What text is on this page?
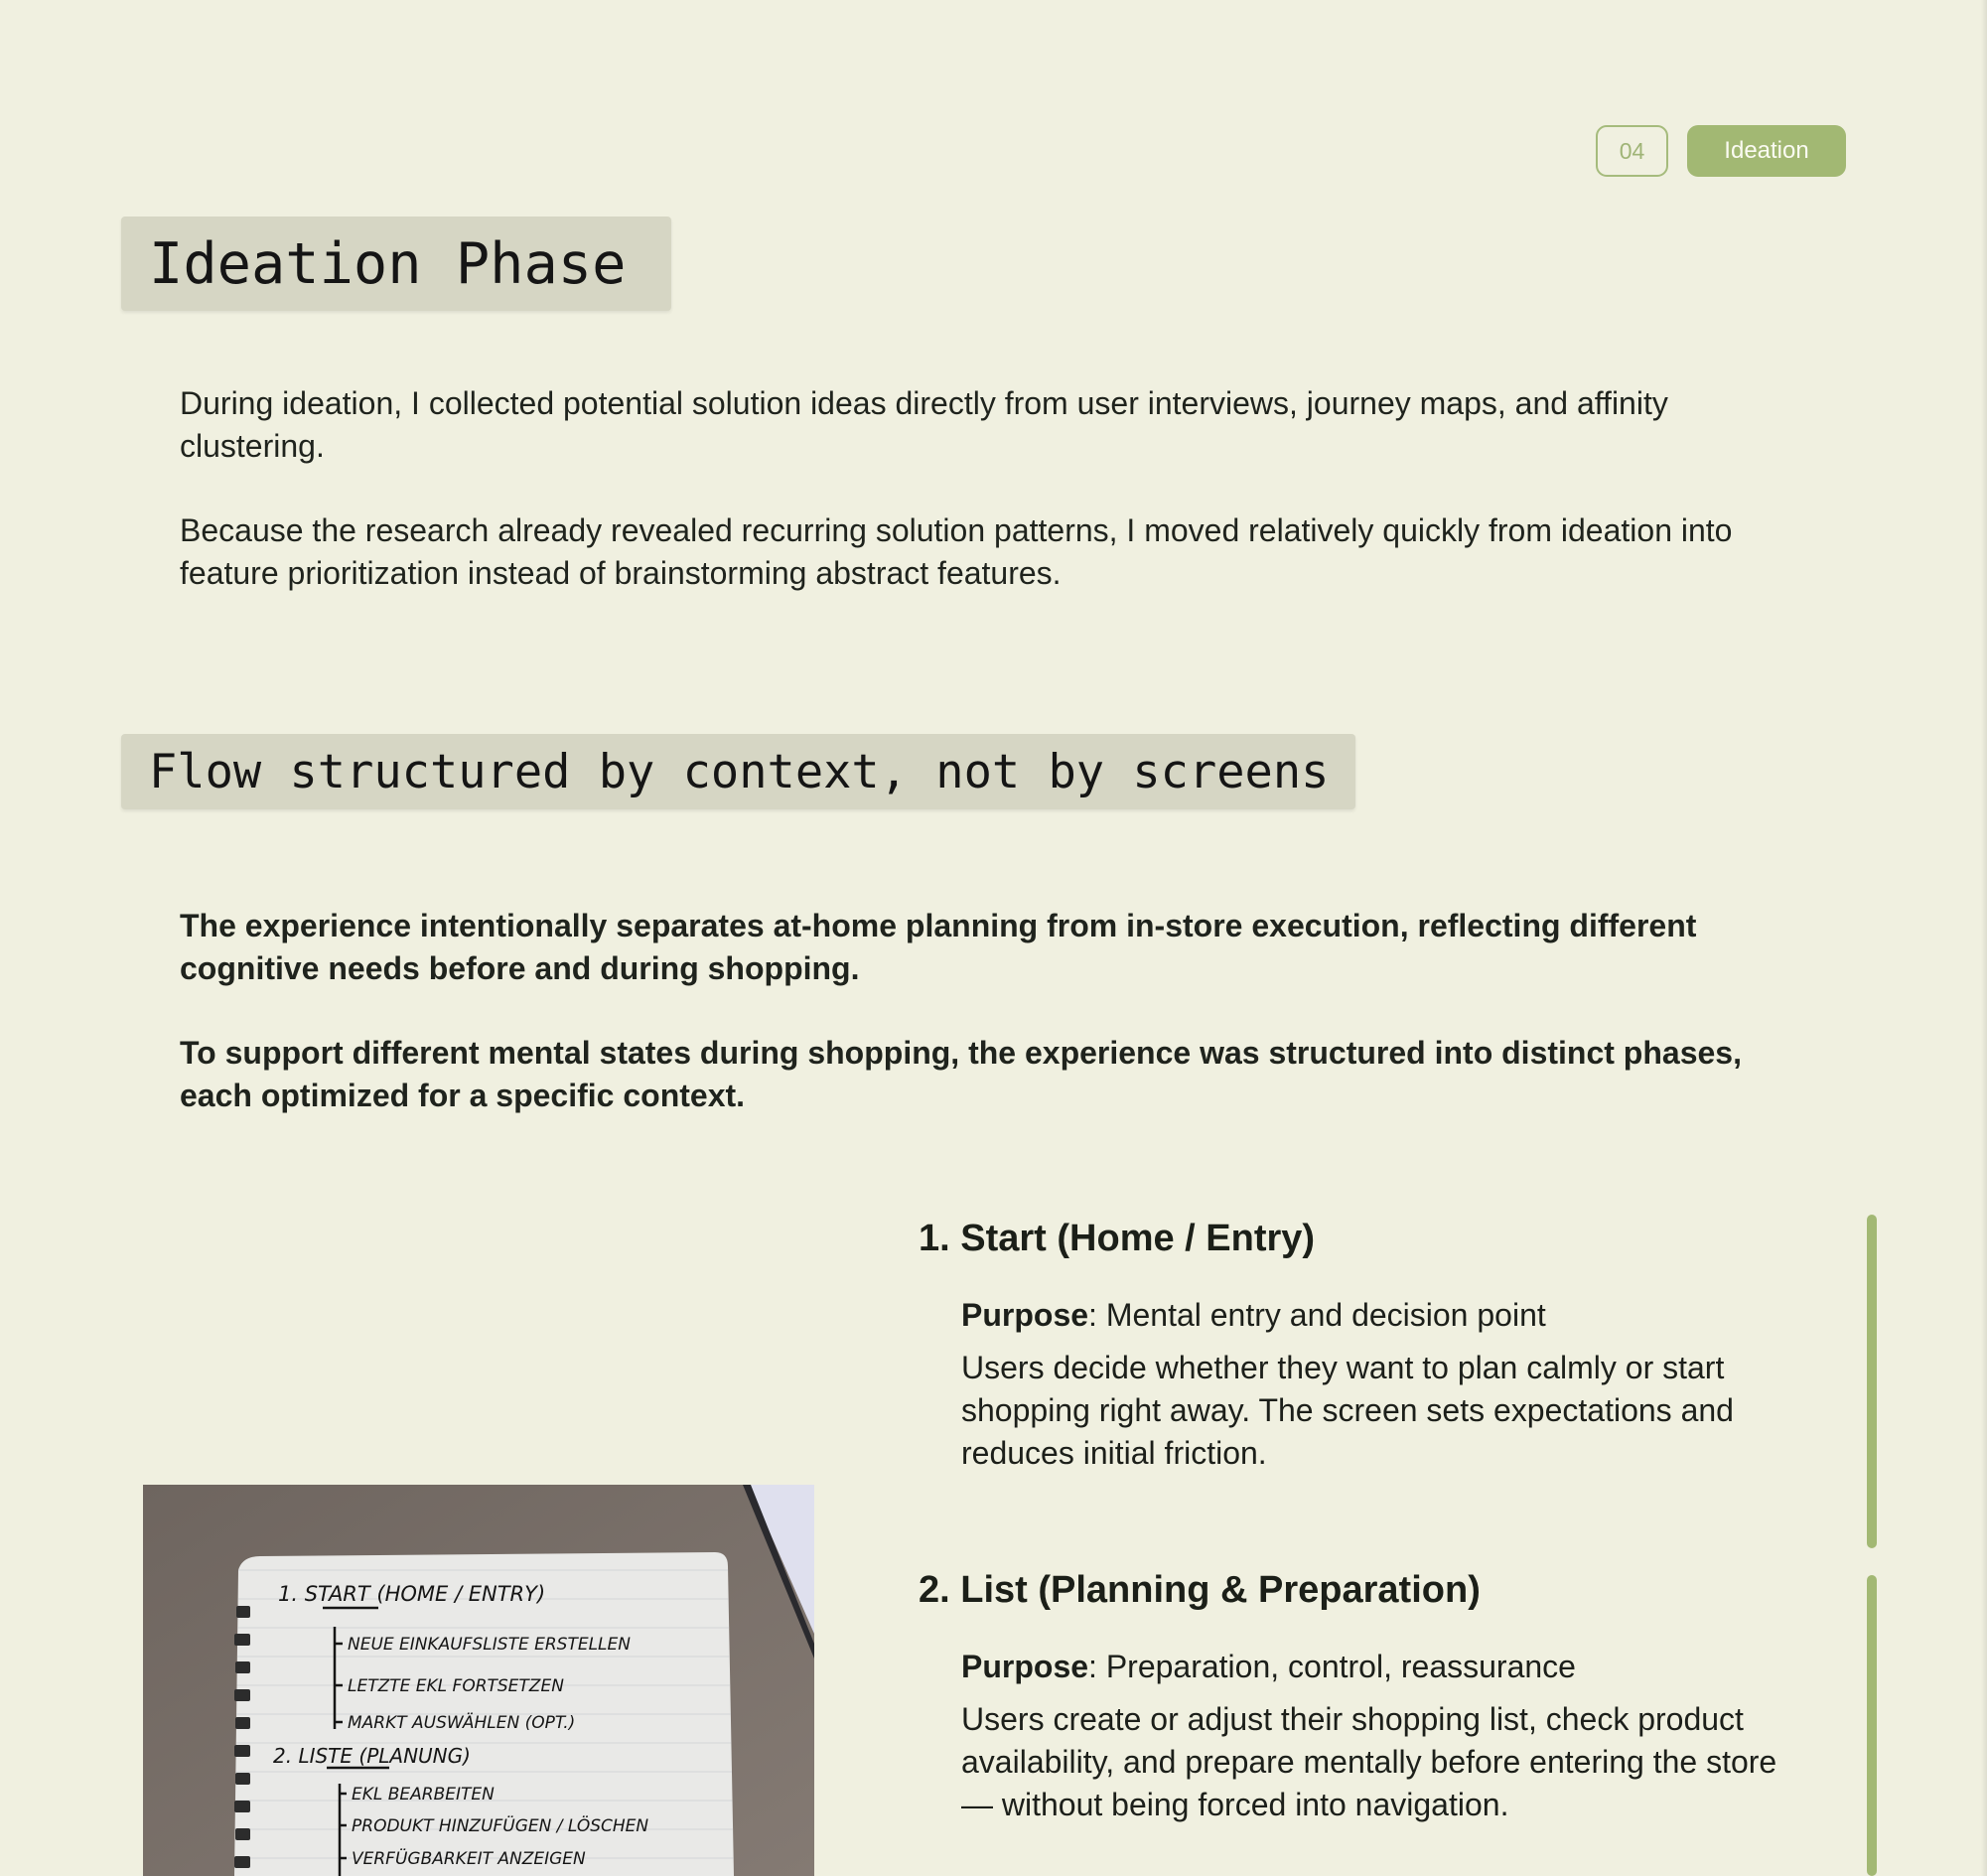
04	Ideation
Ideation Phase

During ideation, I collected potential solution ideas directly from user interviews, journey maps, and affinity clustering.

Because the research already revealed recurring solution patterns, I moved relatively quickly from ideation into feature prioritization instead of brainstorming abstract features.

Flow structured by context, not by screens

The experience intentionally separates at-home planning from in-store execution, reflecting different cognitive needs before and during shopping.

To support different mental states during shopping, the experience was structured into distinct phases, each optimized for a specific context.

1. START (HOME / ENTRY)
NEUE EINKAUFSLISTE ERSTELLEN
LETZTE EKL FORTSETZEN
MARKT AUSWÄHLEN (OPT.)
2. LISTE (PLANUNG)
EKL BEARBEITEN
PRODUKT HINZUFÜGEN / LÖSCHEN
VERFÜGBARKEIT ANZEIGEN
1. Start (Home / Entry)

Purpose: Mental entry and decision point

Users decide whether they want to plan calmly or start shopping right away. The screen sets expectations and reduces initial friction.

2. List (Planning & Preparation)

Purpose: Preparation, control, reassurance

Users create or adjust their shopping list, check product availability, and prepare mentally before entering the store — without being forced into navigation.
